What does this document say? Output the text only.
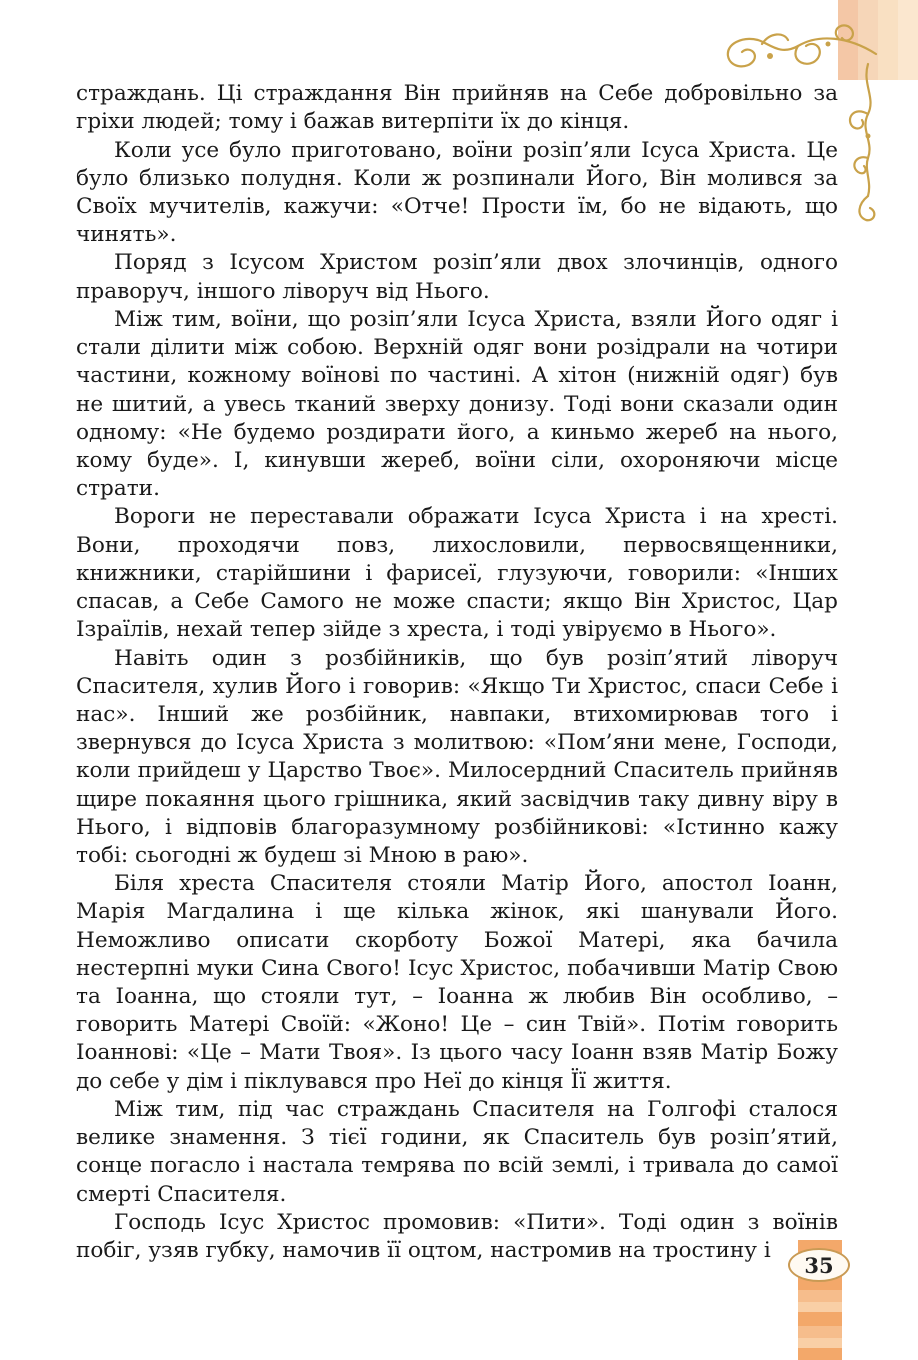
страждань. Ці страждання Він прийняв на Себе добровільно за гріхи людей; тому і бажав витерпіти їх до кінця.

Коли усе було приготовано, воїни розіп’яли Ісуса Христа. Це було близько полудня. Коли ж розпинали Його, Він молився за Своїх мучителів, кажучи: «Отче! Прости їм, бо не відають, що чинять».

Поряд з Ісусом Христом розіп’яли двох злочинців, одного праворуч, іншого ліворуч від Нього.

Між тим, воїни, що розіп’яли Ісуса Христа, взяли Його одяг і стали ділити між собою. Верхній одяг вони розідрали на чотири частини, кожному воїнові по частині. А хітон (нижній одяг) був не шитий, а увесь тканий зверху донизу. Тоді вони сказали один одному: «Не будемо роздирати його, а киньмо жереб на нього, кому буде». І, кинувши жереб, воїни сіли, охороняючи місце страти.

Вороги не переставали ображати Ісуса Христа і на хресті. Вони, проходячи повз, лихословили, первосвященники, книжники, старійшини і фарисеї, глузуючи, говорили: «Інших спасав, а Себе Самого не може спасти; якщо Він Христос, Цар Ізраїлів, нехай тепер зійде з хреста, і тоді увіруємо в Нього».

Навіть один з розбійників, що був розіп’ятий ліворуч Спасителя, хулив Його і говорив: «Якщо Ти Христос, спаси Себе і нас». Інший же розбійник, навпаки, втихомирював того і звернувся до Ісуса Христа з молитвою: «Пом’яни мене, Господи, коли прийдеш у Царство Твоє». Милосердний Спаситель прийняв щире покаяння цього грішника, який засвідчив таку дивну віру в Нього, і відповів благоразумному розбійникові: «Істинно кажу тобі: сьогодні ж будеш зі Мною в раю».

Біля хреста Спасителя стояли Матір Його, апостол Іоанн, Марія Магдалина і ще кілька жінок, які шанували Його. Неможливо описати скорботу Божої Матері, яка бачила нестерпні муки Сина Свого! Ісус Христос, побачивши Матір Свою та Іоанна, що стояли тут, – Іоанна ж любив Він особливо, – говорить Матері Своїй: «Жоно! Це – син Твій». Потім говорить Іоаннові: «Це – Мати Твоя». Із цього часу Іоанн взяв Матір Божу до себе у дім і піклувався про Неї до кінця Її життя.

Між тим, під час страждань Спасителя на Голгофі сталося велике знамення. З тієї години, як Спаситель був розіп’ятий, сонце погасло і настала темрява по всій землі, і тривала до самої смерті Спасителя.

Господь Ісус Христос промовив: «Пити». Тоді один з воїнів побіг, узяв губку, намочив її оцтом, настромив на тростину і

35
